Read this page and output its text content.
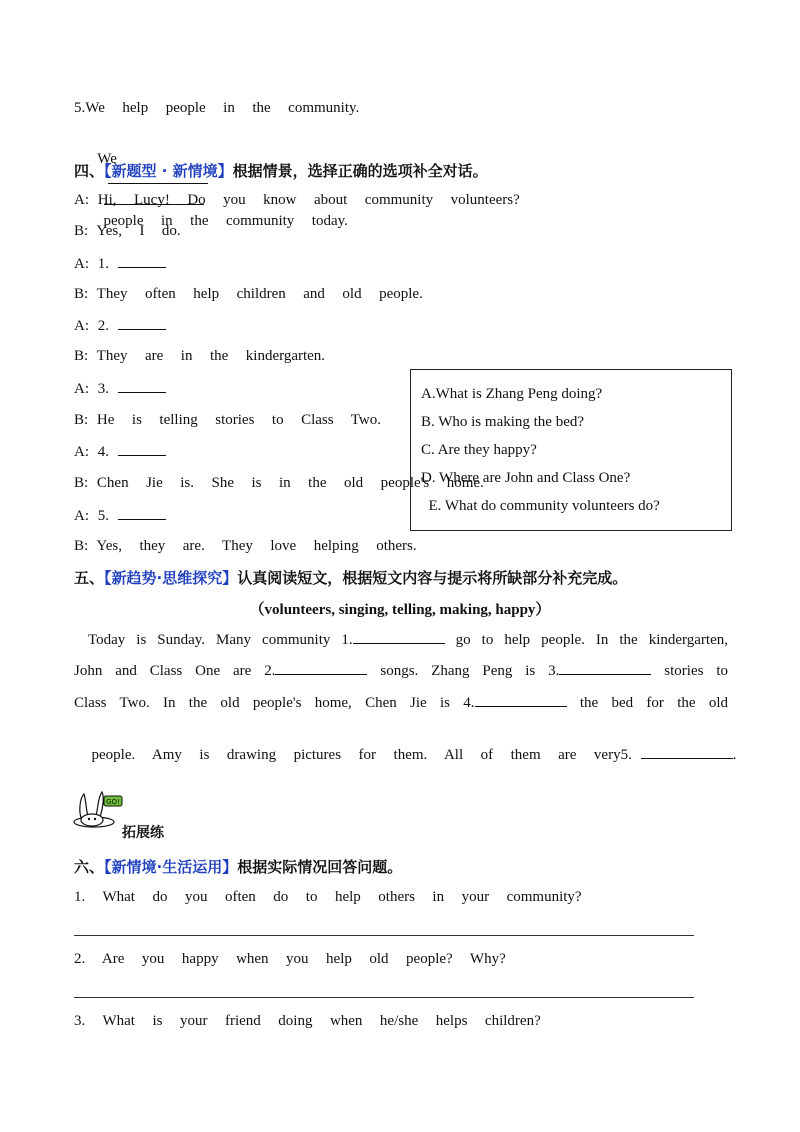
5.We  help  people  in  the  community.

We

people  in  the  community  today.

四、【新题型 · 新情境】根据情景，选择正确的选项补全对话。
A: Hi,  Lucy!  Do  you  know  about  community  volunteers?
B: Yes,  I  do.
A: 1.
B: They  often  help  children  and  old  people.
A: 2.
B: They  are  in  the  kindergarten.
A: 3.
B: He  is  telling  stories  to  Class  Two.
A: 4.
B: Chen  Jie  is.  She  is  in  the  old  people's  home.
A: 5.
B: Yes,  they  are.  They  love  helping  others.
A.What is Zhang Peng doing?
B. Who is making the bed?
C. Are they happy?
D. Where are John and Class One?
E. What do community volunteers do?
五、【新趋势·思维探究】认真阅读短文，根据短文内容与提示将所缺部分补充完成。
（volunteers, singing, telling, making, happy）
Today is Sunday. Many community 1.	go to help people. In the kindergarten,
John and Class One are 2.	songs. Zhang Peng is 3.	stories to
Class Two. In the old people's home, Chen Jie is 4.	the bed for the old

people.  Amy  is  drawing  pictures  for  them.  All  of  them  are  very5.	.

GO!
拓展练
六、【新情境·生活运用】根据实际情况回答问题。
1.  What  do  you  often  do  to  help  others  in  your  community?
2.  Are  you  happy  when  you  help  old  people?  Why?
3.  What  is  your  friend  doing  when  he/she  helps  children?
